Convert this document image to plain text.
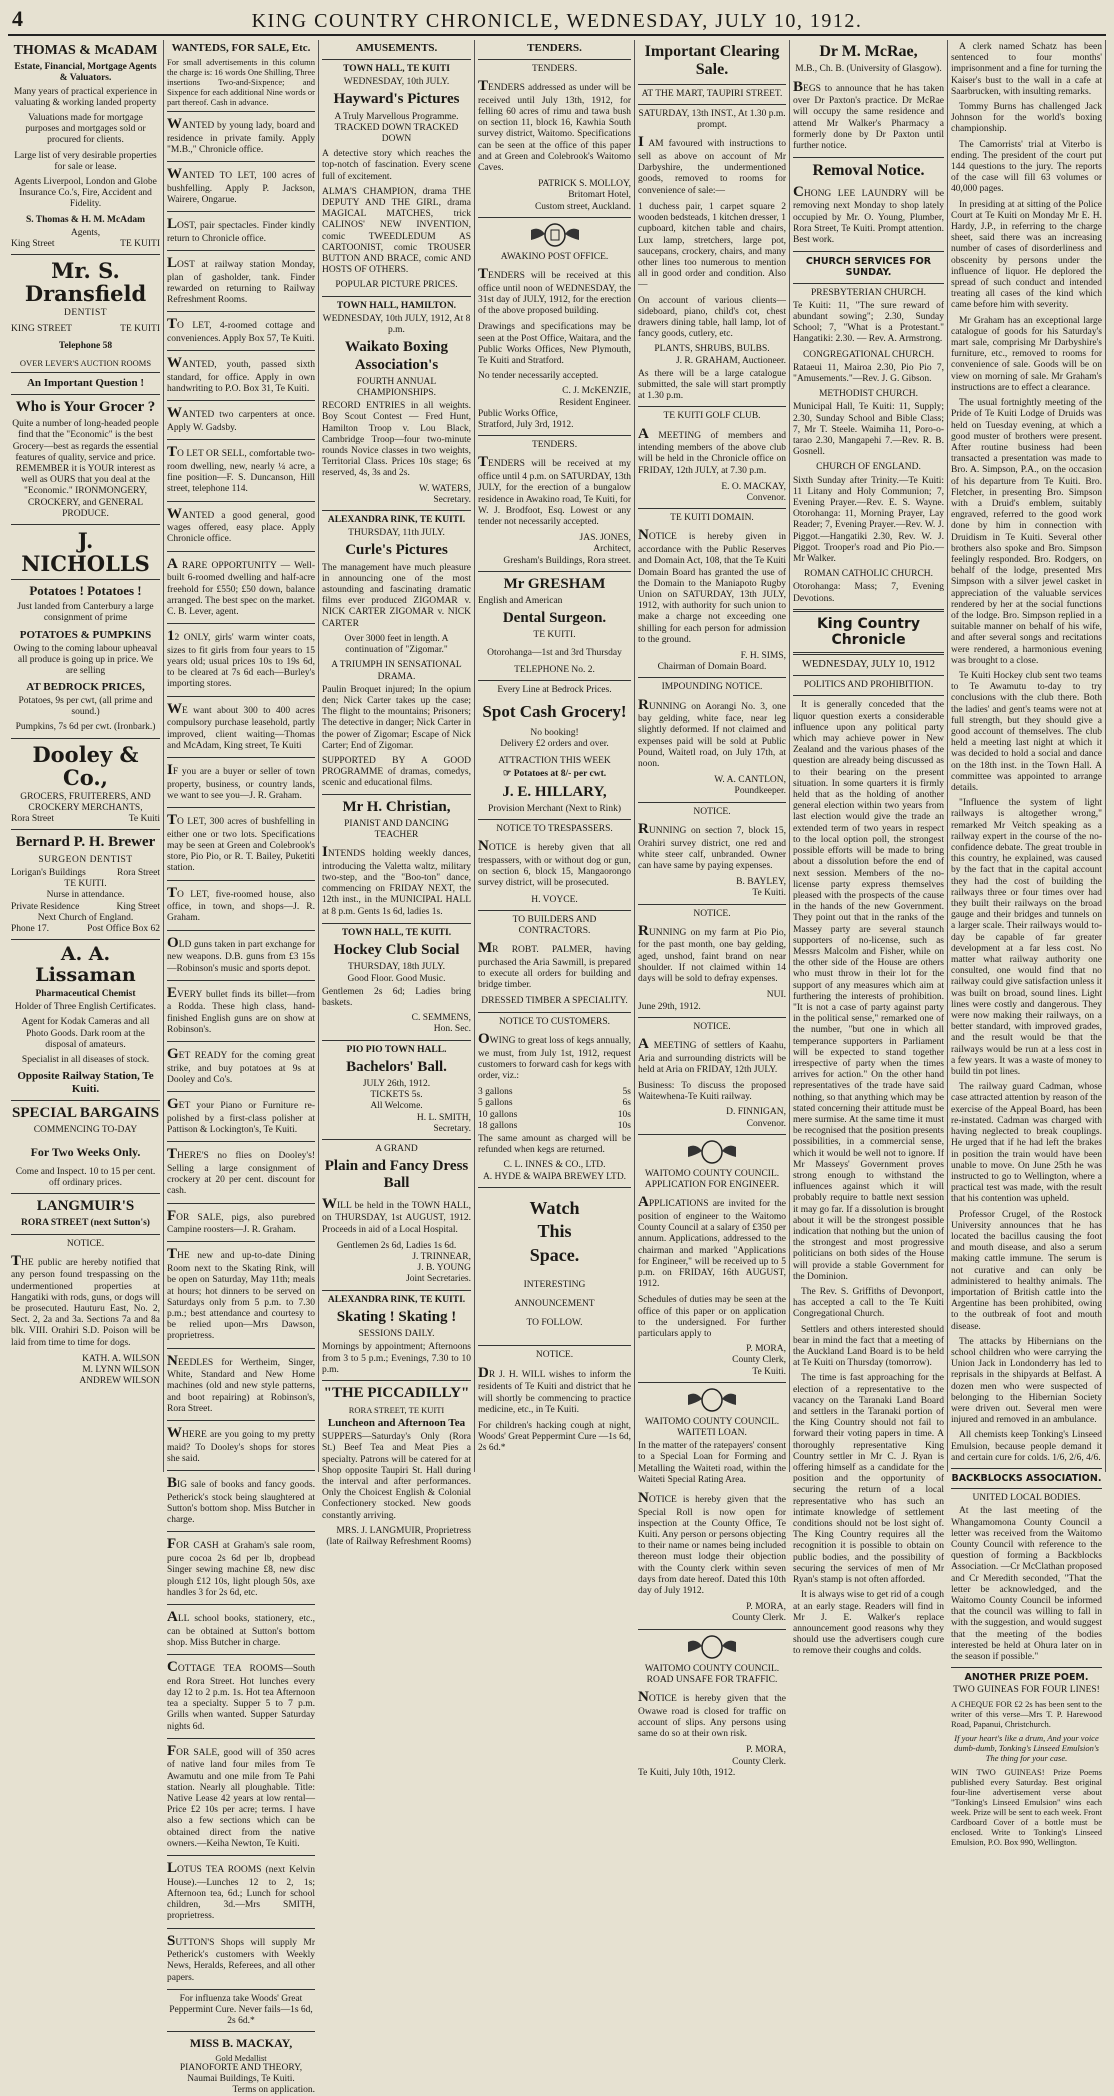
4	KING COUNTRY CHRONICLE, WEDNESDAY, JULY 10, 1912.
THOMAS & McADAM
Estate, Financial, Mortgage Agents & Valuators.

Many years of practical experience in valuating & working landed property

Valuations made for mortgage purposes and mortgages sold or procured for clients.

Large list of very desirable properties for sale or lease.

Agents Liverpool, London and Globe Insurance Co.'s, Fire, Accident and Fidelity.

S. Thomas & H. M. McAdam
Agents,
King Street	TE KUITI
Mr. S. Dransfield
DENTIST
KING STREET	TE KUITI
Telephone 58
OVER LEVER'S AUCTION ROOMS
An Important Question !
Who is Your Grocer ?

Quite a number of long-headed people find that the "Economic" is the best Grocery—best as regards the essential features of quality, service and price. REMEMBER it is YOUR interest as well as OURS that you deal at the "Economic." IRONMONGERY, CROCKERY, and GENERAL PRODUCE.

J. NICHOLLS
Potatoes ! Potatoes !

Just landed from Canterbury a large consignment of prime

POTATOES & PUMPKINS

Owing to the coming labour upheaval all produce is going up in price. We are selling

AT BEDROCK PRICES,

Potatoes, 9s per cwt, (all prime and sound.)

Pumpkins, 7s 6d per cwt. (Ironbark.)

Dooley & Co.,
GROCERS, FRUITERERS, AND CROCKERY MERCHANTS,
Rora Street	Te Kuiti
Bernard P. H. Brewer
SURGEON DENTIST
Lorigan's Buildings	Rora Street
TE KUITI.
Nurse in attendance.
Private Residence	King Street
Next Church of England.
Phone 17.	Post Office Box 62
A. A. Lissaman
Pharmaceutical Chemist

Holder of Three English Certificates.

Agent for Kodak Cameras and all Photo Goods. Dark room at the disposal of amateurs.

Specialist in all diseases of stock.

Opposite Railway Station, Te Kuiti.
SPECIAL BARGAINS
COMMENCING TO-DAY
For Two Weeks Only.

Come and Inspect. 10 to 15 per cent. off ordinary prices.

LANGMUIR'S
RORA STREET (next Sutton's)
NOTICE.

THE public are hereby notified that any person found trespassing on the undermentioned properties at Hangatiki with rods, guns, or dogs will be prosecuted. Hauturu East, No. 2, Sect. 2, 2a and 3a. Sections 7a and 8a blk. VIII. Orahiri S.D. Poison will be laid from time to time for dogs.

KATH. A. WILSON
M. LYNN WILSON
ANDREW WILSON
WANTEDS, FOR SALE, Etc.

For small advertisements in this column the charge is: 16 words One Shilling, Three insertions Two-and-Sixpence; and Sixpence for each additional Nine words or part thereof. Cash in advance.

WANTED by young lady, board and residence in private family. Apply "M.B.," Chronicle office.

WANTED TO LET, 100 acres of bushfelling. Apply P. Jackson, Wairere, Ongarue.

LOST, pair spectacles. Finder kindly return to Chronicle office.

LOST at railway station Monday, plan of gasholder, tank. Finder rewarded on returning to Railway Refreshment Rooms.

TO LET, 4-roomed cottage and conveniences. Apply Box 57, Te Kuiti.

WANTED, youth, passed sixth standard, for office. Apply in own handwriting to P.O. Box 31, Te Kuiti.

WANTED two carpenters at once. Apply W. Gadsby.

TO LET OR SELL, comfortable two-room dwelling, new, nearly ¼ acre, a fine position—F. S. Duncanson, Hill street, telephone 114.

WANTED a good general, good wages offered, easy place. Apply Chronicle office.

A RARE OPPORTUNITY — Well-built 6-roomed dwelling and half-acre freehold for £550; £50 down, balance arranged. The best spec on the market. C. B. Lever, agent.

12 ONLY, girls' warm winter coats, sizes to fit girls from four years to 15 years old; usual prices 10s to 19s 6d, to be cleared at 7s 6d each—Burley's importing stores.

WE want about 300 to 400 acres compulsory purchase leasehold, partly improved, client waiting—Thomas and McAdam, King street, Te Kuiti

IF you are a buyer or seller of town property, business, or country lands, we want to see you—J. R. Graham.

TO LET, 300 acres of bushfelling in either one or two lots. Specifications may be seen at Green and Colebrook's store, Pio Pio, or R. T. Bailey, Puketiti station.

TO LET, five-roomed house, also office, in town, and shops—J. R. Graham.

OLD guns taken in part exchange for new weapons. D.B. guns from £3 15s—Robinson's music and sports depot.

EVERY bullet finds its billet—from a Rodda. These high class, hand-finished English guns are on show at Robinson's.

GET READY for the coming great strike, and buy potatoes at 9s at Dooley and Co's.

GET your Piano or Furniture re-polished by a first-class polisher at Pattison & Lockington's, Te Kuiti.

THERE'S no flies on Dooley's! Selling a large consignment of crockery at 20 per cent. discount for cash.

FOR SALE, pigs, also purebred Campine roosters—J. R. Graham.

THE new and up-to-date Dining Room next to the Skating Rink, will be open on Saturday, May 11th; meals at hours; hot dinners to be served on Saturdays only from 5 p.m. to 7.30 p.m.; best attendance and courtesy to be relied upon—Mrs Dawson, proprietress.

NEEDLES for Wertheim, Singer, White, Standard and New Home machines (old and new style patterns, and boot repairing) at Robinson's, Rora Street.

WHERE are you going to my pretty maid? To Dooley's shops for stores she said.

BIG sale of books and fancy goods. Petherick's stock being slaughtered at Sutton's bottom shop. Miss Butcher in charge.

FOR CASH at Graham's sale room, pure cocoa 2s 6d per lb, dropbead Singer sewing machine £8, new disc plough £12 10s, light plough 50s, axe handles 3 for 2s 6d, etc.

ALL school books, stationery, etc., can be obtained at Sutton's bottom shop. Miss Butcher in charge.

COTTAGE TEA ROOMS—South end Rora Street. Hot lunches every day 12 to 2 p.m. 1s. Hot tea Afternoon tea a specialty. Supper 5 to 7 p.m. Grills when wanted. Supper Saturday nights 6d.

FOR SALE, good will of 350 acres of native land four miles from Te Awamutu and one mile from Te Pahi station. Nearly all ploughable. Title: Native Lease 42 years at low rental—Price £2 10s per acre; terms. I have also a few sections which can be obtained direct from the native owners.—Keiha Newton, Te Kuiti.

LOTUS TEA ROOMS (next Kelvin House).—Lunches 12 to 2, 1s; Afternoon tea, 6d.; Lunch for school children, 3d.—Mrs SMITH, proprietress.

SUTTON'S Shops will supply Mr Petherick's customers with Weekly News, Heralds, Referees, and all other papers.

For influenza take Woods' Great Peppermint Cure. Never fails—1s 6d, 2s 6d.*

MISS B. MACKAY,
Gold Medallist
PIANOFORTE AND THEORY,
Naumai Buildings, Te Kuiti.
Terms on application.
AMUSEMENTS.
TOWN HALL, TE KUITI
WEDNESDAY, 10th JULY.
Hayward's Pictures

A Truly Marvellous Programme. TRACKED DOWN TRACKED DOWN

A detective story which reaches the top-notch of fascination. Every scene full of excitement.

ALMA'S CHAMPION, drama THE DEPUTY AND THE GIRL, drama MAGICAL MATCHES, trick CALINOS' NEW INVENTION, comic TWEEDLEDUM AS CARTOONIST, comic TROUSER BUTTON AND BRACE, comic AND HOSTS OF OTHERS.

POPULAR PICTURE PRICES.
TOWN HALL, HAMILTON.
WEDNESDAY, 10th JULY, 1912, At 8 p.m.
Waikato Boxing Association's
FOURTH ANNUAL CHAMPIONSHIPS.

RECORD ENTRIES in all weights. Boy Scout Contest — Fred Hunt, Hamilton Troop v. Lou Black, Cambridge Troop—four two-minute rounds Novice classes in two weights, Territorial Class. Prices 10s stage; 6s reserved, 4s, 3s and 2s.

W. WATERS,
Secretary.
ALEXANDRA RINK, TE KUITI.
THURSDAY, 11th JULY.
Curle's Pictures

The management have much pleasure in announcing one of the most astounding and fascinating dramatic films ever produced ZIGOMAR v. NICK CARTER ZIGOMAR v. NICK CARTER

Over 3000 feet in length. A continuation of "Zigomar."

A TRIUMPH IN SENSATIONAL DRAMA.

Paulin Broquet injured; In the opium den; Nick Carter takes up the case; The flight to the mountains; Prisoners; The detective in danger; Nick Carter in the power of Zigomar; Escape of Nick Carter; End of Zigomar.

SUPPORTED BY A GOOD PROGRAMME of dramas, comedys, scenic and educational films.

Mr H. Christian,
PIANIST AND DANCING TEACHER

INTENDS holding weekly dances, introducing the Valetta waltz, military two-step, and the "Boo-ton" dance, commencing on FRIDAY NEXT, the 12th inst., in the MUNICIPAL HALL at 8 p.m. Gents 1s 6d, ladies 1s.

TOWN HALL, TE KUITI.
Hockey Club Social
THURSDAY, 18th JULY.
Good Floor. Good Music.

Gentlemen 2s 6d; Ladies bring baskets.

C. SEMMENS,
Hon. Sec.
PIO PIO TOWN HALL.
Bachelors' Ball.
JULY 26th, 1912.
TICKETS 5s.
All Welcome.
H. L. SMITH,
Secretary.
A GRAND
Plain and Fancy Dress Ball

WILL be held in the TOWN HALL, on THURSDAY, 1st AUGUST, 1912. Proceeds in aid of a Local Hospital.

Gentlemen 2s 6d, Ladies 1s 6d.
J. TRINNEAR,
J. B. YOUNG
Joint Secretaries.
ALEXANDRA RINK, TE KUITI.
Skating ! Skating !
SESSIONS DAILY.

Mornings by appointment; Afternoons from 3 to 5 p.m.; Evenings, 7.30 to 10 p.m.

"THE PICCADILLY"
RORA STREET, TE KUITI
Luncheon and Afternoon Tea

SUPPERS—Saturday's Only (Rora St.) Beef Tea and Meat Pies a specialty. Patrons will be catered for at Shop opposite Taupiri St. Hall during the interval and after performances. Only the Choicest English & Colonial Confectionery stocked. New goods constantly arriving.

MRS. J. LANGMUIR, Proprietress (late of Railway Refreshment Rooms)
TENDERS.
TENDERS.

TENDERS addressed as under will be received until July 13th, 1912, for felling 60 acres of rimu and tawa bush on section 11, block 16, Kawhia South survey district, Waitomo. Specifications can be seen at the office of this paper and at Green and Colebrook's Waitomo Caves.

PATRICK S. MOLLOY,
Britomart Hotel,
Custom street, Auckland.
AWAKINO POST OFFICE.

TENDERS will be received at this office until noon of WEDNESDAY, the 31st day of JULY, 1912, for the erection of the above proposed building.

Drawings and specifications may be seen at the Post Office, Waitara, and the Public Works Offices, New Plymouth, Te Kuiti and Stratford.

No tender necessarily accepted.

C. J. McKENZIE,
Resident Engineer.
Public Works Office,
Stratford, July 3rd, 1912.
TENDERS.

TENDERS will be received at my office until 4 p.m. on SATURDAY, 13th JULY, for the erection of a bungalow residence in Awakino road, Te Kuiti, for W. J. Brodfoot, Esq. Lowest or any tender not necessarily accepted.

JAS. JONES,
Architect,
Gresham's Buildings, Rora street.
Mr GRESHAM
English and American
Dental Surgeon.
TE KUITI.
Otorohanga—1st and 3rd Thursday
TELEPHONE No. 2.
Every Line at Bedrock Prices.
Spot Cash Grocery!
No booking!
Delivery £2 orders and over.
ATTRACTION THIS WEEK
☞ Potatoes at 8/- per cwt.
J. E. HILLARY,
Provision Merchant (Next to Rink)
NOTICE TO TRESPASSERS.

NOTICE is hereby given that all trespassers, with or without dog or gun, on section 6, block 15, Mangaorongo survey district, will be prosecuted.

H. VOYCE.
TO BUILDERS AND CONTRACTORS.

MR ROBT. PALMER, having purchased the Aria Sawmill, is prepared to execute all orders for building and bridge timber.

DRESSED TIMBER A SPECIALITY.
NOTICE TO CUSTOMERS.

OWING to great loss of kegs annually, we must, from July 1st, 1912, request customers to forward cash for kegs with order, viz.:

3 gallons	5s
5 gallons	6s
10 gallons	10s
18 gallons	10s

The same amount as charged will be refunded when kegs are returned.

C. L. INNES & CO., LTD.
A. HYDE & WAIPA BREWEY LTD.
Watch
This
Space.
INTERESTING
ANNOUNCEMENT
TO FOLLOW.
NOTICE.

DR J. H. WILL wishes to inform the residents of Te Kuiti and district that he will shortly be commencing to practice medicine, etc., in Te Kuiti.

For children's hacking cough at night, Woods' Great Peppermint Cure —1s 6d, 2s 6d.*

Important Clearing Sale.
AT THE MART, TAUPIRI STREET.
SATURDAY, 13th INST., At 1.30 p.m. prompt.

I AM favoured with instructions to sell as above on account of Mr Darbyshire, the undermentioned goods, removed to rooms for convenience of sale:—

1 duchess pair, 1 carpet square 2 wooden bedsteads, 1 kitchen dresser, 1 cupboard, kitchen table and chairs, Lux lamp, stretchers, large pot, saucepans, crockery, chairs, and many other lines too numerous to mention all in good order and condition. Also—

On account of various clients—sideboard, piano, child's cot, chest drawers dining table, hall lamp, lot of fancy goods, cutlery, etc.

PLANTS, SHRUBS, BULBS.
J. R. GRAHAM, Auctioneer.

As there will be a large catalogue submitted, the sale will start promptly at 1.30 p.m.

TE KUITI GOLF CLUB.

A MEETING of members and intending members of the above club will be held in the Chronicle office on FRIDAY, 12th JULY, at 7.30 p.m.

E. O. MACKAY,
Convenor.
TE KUITI DOMAIN.

NOTICE is hereby given in accordance with the Public Reserves and Domain Act, 108, that the Te Kuiti Domain Board has granted the use of the Domain to the Maniapoto Rugby Union on SATURDAY, 13th JULY, 1912, with authority for such union to make a charge not exceeding one shilling for each person for admission to the ground.

F. H. SIMS,
Chairman of Domain Board.
IMPOUNDING NOTICE.

RUNNING on Aorangi No. 3, one bay gelding, white face, near leg slightly deformed. If not claimed and expenses paid will be sold at Public Pound, Waitetl road, on July 17th, at noon.

W. A. CANTLON,
Poundkeeper.
NOTICE.

RUNNING on section 7, block 15, Orahiri survey district, one red and white steer calf, unbranded. Owner can have same by paying expenses.

B. BAYLEY,
Te Kuiti.
NOTICE.

RUNNING on my farm at Pio Pio, for the past month, one bay gelding, aged, unshod, faint brand on near shoulder. If not claimed within 14 days will be sold to defray expenses.

NUI.
June 29th, 1912.
NOTICE.

A MEETING of settlers of Kaahu, Aria and surrounding districts will be held at Aria on FRIDAY, 12th JULY.

Business: To discuss the proposed Waitewhena-Te Kuiti railway.

D. FINNIGAN,
Convenor.
WAITOMO COUNTY COUNCIL.
APPLICATION FOR ENGINEER.

APPLICATIONS are invited for the position of engineer to the Waitomo County Council at a salary of £350 per annum. Applications, addressed to the chairman and marked "Applications for Engineer," will be received up to 5 p.m. on FRIDAY, 16th AUGUST, 1912.

Schedules of duties may be seen at the office of this paper or on application to the undersigned. For further particulars apply to

P. MORA,
County Clerk,
Te Kuiti.
WAITOMO COUNTY COUNCIL.
WAITETI LOAN.

In the matter of the ratepayers' consent to a Special Loan for Forming and Metalling the Waiteti road, within the Waiteti Special Rating Area.

NOTICE is hereby given that the Special Roll is now open for inspection at the County Office, Te Kuiti. Any person or persons objecting to their name or names being included thereon must lodge their objection with the County clerk within seven days from date hereof. Dated this 10th day of July 1912.

P. MORA,
County Clerk.
WAITOMO COUNTY COUNCIL.
ROAD UNSAFE FOR TRAFFIC.

NOTICE is hereby given that the Owawe road is closed for traffic on account of slips. Any persons using same do so at their own risk.

P. MORA,
County Clerk.
Te Kuiti, July 10th, 1912.
Dr M. McRae,
M.B., Ch. B. (University of Glasgow).

BEGS to announce that he has taken over Dr Paxton's practice. Dr McRae will occupy the same residence and attend Mr Walker's Pharmacy a formerly done by Dr Paxton until further notice.

Removal Notice.

CHONG LEE LAUNDRY will be removing next Monday to shop lately occupied by Mr. O. Young, Plumber, Rora Street, Te Kuiti. Prompt attention. Best work.

CHURCH SERVICES FOR SUNDAY.
PRESBYTERIAN CHURCH.

Te Kuiti: 11, "The sure reward of abundant sowing"; 2.30, Sunday School; 7, "What is a Protestant." Hangatiki: 2.30. — Rev. A. Armstrong.

CONGREGATIONAL CHURCH.

Rataeui 11, Mairoa 2.30, Pio Pio 7, "Amusements."—Rev. J. G. Gibson.

METHODIST CHURCH.

Municipal Hall, Te Kuiti: 11, Supply; 2.30, Sunday School and Bible Class; 7, Mr T. Steele. Waimiha 11, Poro-o-tarao 2.30, Mangapehi 7.—Rev. R. B. Gosnell.

CHURCH OF ENGLAND.

Sixth Sunday after Trinity.—Te Kuiti: 11 Litany and Holy Communion; 7, Evening Prayer.—Rev. E. S. Wayne. Otorohanga: 11, Morning Prayer, Lay Reader; 7, Evening Prayer.—Rev. W. J. Piggot.—Hangatiki 2.30, Rev. W. J. Piggot. Trooper's road and Pio Pio.—Mr Walker.

ROMAN CATHOLIC CHURCH.

Otorohanga: Mass; 7, Evening Devotions.

King Country Chronicle
WEDNESDAY, JULY 10, 1912
POLITICS AND PROHIBITION.

It is generally conceded that the liquor question exerts a considerable influence upon any political party which may achieve power in New Zealand and the various phases of the question are already being discussed as to their bearing on the present situation. In some quarters it is firmly held that as the holding of another general election within two years from last election would give the trade an extended term of two years in respect to the local option poll, the strongest possible efforts will be made to bring about a dissolution before the end of next session. Members of the no-license party express themselves pleased with the prospects of the cause in the hands of the new Government. They point out that in the ranks of the Massey party are several staunch supporters of no-license, such as Messrs Malcolm and Fisher, while on the other side of the House are others who must throw in their lot for the support of any measures which aim at furthering the interests of prohibition. "It is not a case of party against party in the political sense," remarked one of the number, "but one in which all temperance supporters in Parliament will be expected to stand together irrespective of party when the times arrives for action." On the other hand representatives of the trade have said nothing, so that anything which may be stated concerning their attitude must be mere surmise. At the same time it must be recognised that the position presents possibilities, in a commercial sense, which it would be well not to ignore. If Mr Masseys' Government proves strong enough to withstand the influences against which it will probably require to battle next session it may go far. If a dissolution is brought about it will be the strongest possible indication that nothing but the union of the strongest and most progressive politicians on both sides of the House will provide a stable Government for the Dominion.

The Rev. S. Griffiths of Devonport, has accepted a call to the Te Kuiti Congregational Church.

Settlers and others interested should bear in mind the fact that a meeting of the Auckland Land Board is to be held at Te Kuiti on Thursday (tomorrow).

The time is fast approaching for the election of a representative to the vacancy on the Taranaki Land Board and settlers in the Taranaki portion of the King Country should not fail to forward their voting papers in time. A thoroughly representative King Country settler in Mr C. J. Ryan is offering himself as a candidate for the position and the opportunity of securing the return of a local representative who has such an intimate knowledge of settlement conditions should not be lost sight of. The King Country requires all the recognition it is possible to obtain on public bodies, and the possibility of securing the services of men of Mr Ryan's stamp is not often afforded.

It is always wise to get rid of a cough at an early stage. Readers will find in Mr J. E. Walker's replace announcement good reasons why they should use the advertisers cough cure to remove their coughs and colds.

A clerk named Schatz has been sentenced to four months' imprisonment and a fine for turning the Kaiser's bust to the wall in a cafe at Saarbrucken, with insulting remarks.

Tommy Burns has challenged Jack Johnson for the world's boxing championship.

The Camorrists' trial at Viterbo is ending. The president of the court put 144 questions to the jury. The reports of the case will fill 63 volumes or 40,000 pages.

In presiding at at sitting of the Police Court at Te Kuiti on Monday Mr E. H. Hardy, J.P., in referring to the charge sheet, said there was an increasing number of cases of disorderliness and obscenity by persons under the influence of liquor. He deplored the spread of such conduct and intended treating all cases of the kind which came before him with severity.

Mr Graham has an exceptional large catalogue of goods for his Saturday's mart sale, comprising Mr Darbyshire's furniture, etc., removed to rooms for convenience of sale. Goods will be on view on morning of sale. Mr Graham's instructions are to effect a clearance.

The usual fortnightly meeting of the Pride of Te Kuiti Lodge of Druids was held on Tuesday evening, at which a good muster of brothers were present. After routine business had been transacted a presentation was made to Bro. A. Simpson, P.A., on the occasion of his departure from Te Kuiti. Bro. Fletcher, in presenting Bro. Simpson with a Druid's emblem, suitably engraved, referred to the good work done by him in connection with Druidism in Te Kuiti. Several other brothers also spoke and Bro. Simpson feelingly responded. Bro. Rodgers, on behalf of the lodge, presented Mrs Simpson with a silver jewel casket in appreciation of the valuable services rendered by her at the social functions of the lodge. Bro. Simpson replied in a suitable manner on behalf of his wife, and after several songs and recitations were rendered, a harmonious evening was brought to a close.

Te Kuiti Hockey club sent two teams to Te Awamutu to-day to try conclusions with the club there. Both the ladies' and gent's teams were not at full strength, but they should give a good account of themselves. The club held a meeting last night at which it was decided to hold a social and dance on the 18th inst. in the Town Hall. A committee was appointed to arrange details.

"Influence the system of light railways is altogether wrong," remarked Mr Veitch speaking as a railway expert in the course of the no-confidence debate. The great trouble in this country, he explained, was caused by the fact that in the capital account they had the cost of building the railways three or four times over had they built their railways on the broad gauge and their bridges and tunnels on a larger scale. Their railways would to-day be capable of far greater development at a far less cost. No matter what railway authority one consulted, one would find that no railway could give satisfaction unless it was built on broad, sound lines. Light lines were costly and dangerous. They were now making their railways, on a better standard, with improved grades, and the result would be that the railways would be run at a less cost in a few years. It was a waste of money to build tin pot lines.

The railway guard Cadman, whose case attracted attention by reason of the exercise of the Appeal Board, has been re-instated. Cadman was charged with having neglected to break couplings. He urged that if he had left the brakes in position the train would have been unable to move. On June 25th he was instructed to go to Wellington, where a practical test was made, with the result that his contention was upheld.

Professor Crugel, of the Rostock University announces that he has located the bacillus causing the foot and mouth disease, and also a serum making cattle immune. The serum is not curative and can only be administered to healthy animals. The importation of British cattle into the Argentine has been prohibited, owing to the outbreak of foot and mouth disease.

The attacks by Hibernians on the school children who were carrying the Union Jack in Londonderry has led to reprisals in the shipyards at Belfast. A dozen men who were suspected of belonging to the Hibernian Society were driven out. Several men were injured and removed in an ambulance.

All chemists keep Tonking's Linseed Emulsion, because people demand it and certain cure for colds. 1/6, 2/6, 4/6.

BACKBLOCKS ASSOCIATION.
UNITED LOCAL BODIES.

At the last meeting of the Whangamomona County Council a letter was received from the Waitomo County Council with reference to the question of forming a Backblocks Association. —Cr McClathan proposed and Cr Meredith seconded, "That the letter be acknowledged, and the Waitomo County Council be informed that the council was willing to fall in with the suggestion, and would suggest that the meeting of the bodies interested be held at Ohura later on in the season if possible."

ANOTHER PRIZE POEM.
TWO GUINEAS FOR FOUR LINES!

A CHEQUE FOR £2 2s has been sent to the writer of this verse—Mrs T. P. Harewood Road, Papanui, Christchurch.

If your heart's like a drum, And your voice dumb-dumb, Tonking's Linseed Emulsion's The thing for your case.

WIN TWO GUINEAS! Prize Poems published every Saturday. Best original four-line advertisement verse about "Tonking's Linseed Emulsion" wins each week. Prize will be sent to each week. Front Cardboard Cover of a bottle must be enclosed. Write to Tonking's Linseed Emulsion, P.O. Box 990, Wellington.
